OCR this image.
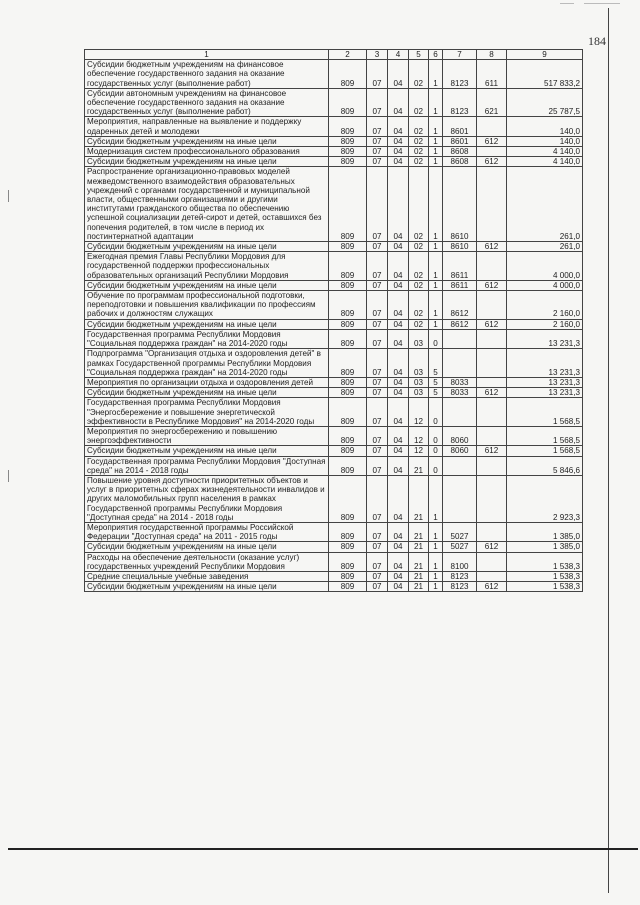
184
1	2	3	4	5	6	7	8	9
Субсидии бюджетным учреждениям на финансовое обеспечение государственного задания на оказание государственных услуг (выполнение работ)	809	07	04	02	1	8123	611	517 833,2
Субсидии автономным учреждениям на финансовое обеспечение государственного задания на оказание государственных услуг (выполнение работ)	809	07	04	02	1	8123	621	25 787,5
Мероприятия, направленные на выявление и поддержку одаренных детей и молодежи	809	07	04	02	1	8601		140,0
Субсидии бюджетным учреждениям на иные цели	809	07	04	02	1	8601	612	140,0
Модернизация систем профессионального образования	809	07	04	02	1	8608		4 140,0
Субсидии бюджетным учреждениям на иные цели	809	07	04	02	1	8608	612	4 140,0
Распространение организационно-правовых моделей межведомственного взаимодействия образовательных учреждений с органами государственной и муниципальной власти, общественными организациями и другими институтами гражданского общества по обеспечению успешной социализации детей-сирот и детей, оставшихся без попечения родителей, в том числе в период их постинтернатной адаптации	809	07	04	02	1	8610		261,0
Субсидии бюджетным учреждениям на иные цели	809	07	04	02	1	8610	612	261,0
Ежегодная премия Главы Республики Мордовия для государственной поддержки профессиональных образовательных организаций Республики Мордовия	809	07	04	02	1	8611		4 000,0
Субсидии бюджетным учреждениям на иные цели	809	07	04	02	1	8611	612	4 000,0
Обучение по программам профессиональной подготовки, переподготовки и повышения квалификации по профессиям рабочих и должностям служащих	809	07	04	02	1	8612		2 160,0
Субсидии бюджетным учреждениям на иные цели	809	07	04	02	1	8612	612	2 160,0
Государственная программа Республики Мордовия "Социальная поддержка граждан" на 2014-2020 годы	809	07	04	03	0			13 231,3
Подпрограмма "Организация отдыха и оздоровления детей" в рамках Государственной программы Республики Мордовия "Социальная поддержка граждан" на 2014-2020 годы	809	07	04	03	5			13 231,3
Мероприятия по организации отдыха и оздоровления детей	809	07	04	03	5	8033		13 231,3
Субсидии бюджетным учреждениям на иные цели	809	07	04	03	5	8033	612	13 231,3
Государственная программа Республики Мордовия "Энергосбережение и повышение энергетической эффективности в Республике Мордовия" на 2014-2020 годы	809	07	04	12	0			1 568,5
Мероприятия по энергосбережению и повышению энергоэффективности	809	07	04	12	0	8060		1 568,5
Субсидии бюджетным учреждениям на иные цели	809	07	04	12	0	8060	612	1 568,5
Государственная программа Республики Мордовия "Доступная среда" на 2014 - 2018 годы	809	07	04	21	0			5 846,6
Повышение уровня доступности приоритетных объектов и услуг в приоритетных сферах жизнедеятельности инвалидов и других маломобильных групп населения в рамках Государственной программы Республики Мордовия "Доступная среда" на 2014 - 2018 годы	809	07	04	21	1			2 923,3
Мероприятия государственной программы Российской Федерации "Доступная среда" на 2011 - 2015 годы	809	07	04	21	1	5027		1 385,0
Субсидии бюджетным учреждениям на иные цели	809	07	04	21	1	5027	612	1 385,0
Расходы на обеспечение деятельности (оказание услуг) государственных учреждений Республики Мордовия	809	07	04	21	1	8100		1 538,3
Средние специальные учебные заведения	809	07	04	21	1	8123		1 538,3
Субсидии бюджетным учреждениям на иные цели	809	07	04	21	1	8123	612	1 538,3
